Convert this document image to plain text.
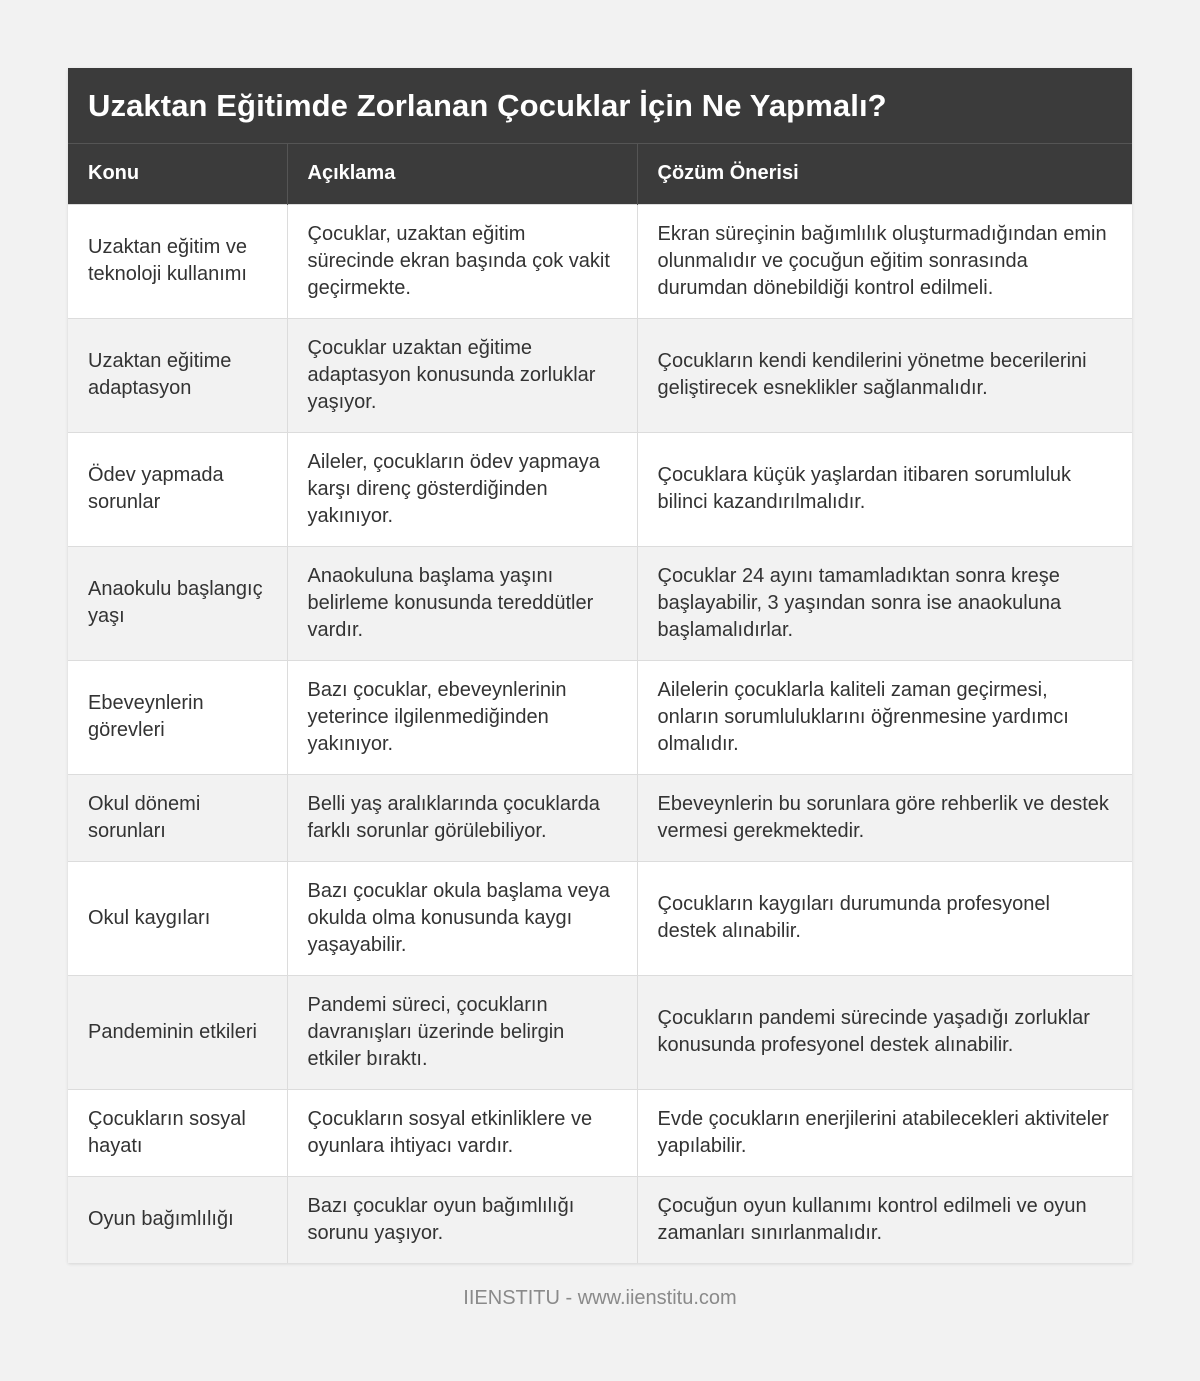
Uzaktan Eğitimde Zorlanan Çocuklar İçin Ne Yapmalı?
Konu	Açıklama	Çözüm Önerisi
Uzaktan eğitim ve teknoloji kullanımı	Çocuklar, uzaktan eğitim sürecinde ekran başında çok vakit geçirmekte.	Ekran süreçinin bağımlılık oluşturmadığından emin olunmalıdır ve çocuğun eğitim sonrasında durumdan dönebildiği kontrol edilmeli.
Uzaktan eğitime adaptasyon	Çocuklar uzaktan eğitime adaptasyon konusunda zorluklar yaşıyor.	Çocukların kendi kendilerini yönetme becerilerini geliştirecek esneklikler sağlanmalıdır.
Ödev yapmada sorunlar	Aileler, çocukların ödev yapmaya karşı direnç gösterdiğinden yakınıyor.	Çocuklara küçük yaşlardan itibaren sorumluluk bilinci kazandırılmalıdır.
Anaokulu başlangıç yaşı	Anaokuluna başlama yaşını belirleme konusunda tereddütler vardır.	Çocuklar 24 ayını tamamladıktan sonra kreşe başlayabilir, 3 yaşından sonra ise anaokuluna başlamalıdırlar.
Ebeveynlerin görevleri	Bazı çocuklar, ebeveynlerinin yeterince ilgilenmediğinden yakınıyor.	Ailelerin çocuklarla kaliteli zaman geçirmesi, onların sorumluluklarını öğrenmesine yardımcı olmalıdır.
Okul dönemi sorunları	Belli yaş aralıklarında çocuklarda farklı sorunlar görülebiliyor.	Ebeveynlerin bu sorunlara göre rehberlik ve destek vermesi gerekmektedir.
Okul kaygıları	Bazı çocuklar okula başlama veya okulda olma konusunda kaygı yaşayabilir.	Çocukların kaygıları durumunda profesyonel destek alınabilir.
Pandeminin etkileri	Pandemi süreci, çocukların davranışları üzerinde belirgin etkiler bıraktı.	Çocukların pandemi sürecinde yaşadığı zorluklar konusunda profesyonel destek alınabilir.
Çocukların sosyal hayatı	Çocukların sosyal etkinliklere ve oyunlara ihtiyacı vardır.	Evde çocukların enerjilerini atabilecekleri aktiviteler yapılabilir.
Oyun bağımlılığı	Bazı çocuklar oyun bağımlılığı sorunu yaşıyor.	Çocuğun oyun kullanımı kontrol edilmeli ve oyun zamanları sınırlanmalıdır.
IIENSTITU - www.iienstitu.com
